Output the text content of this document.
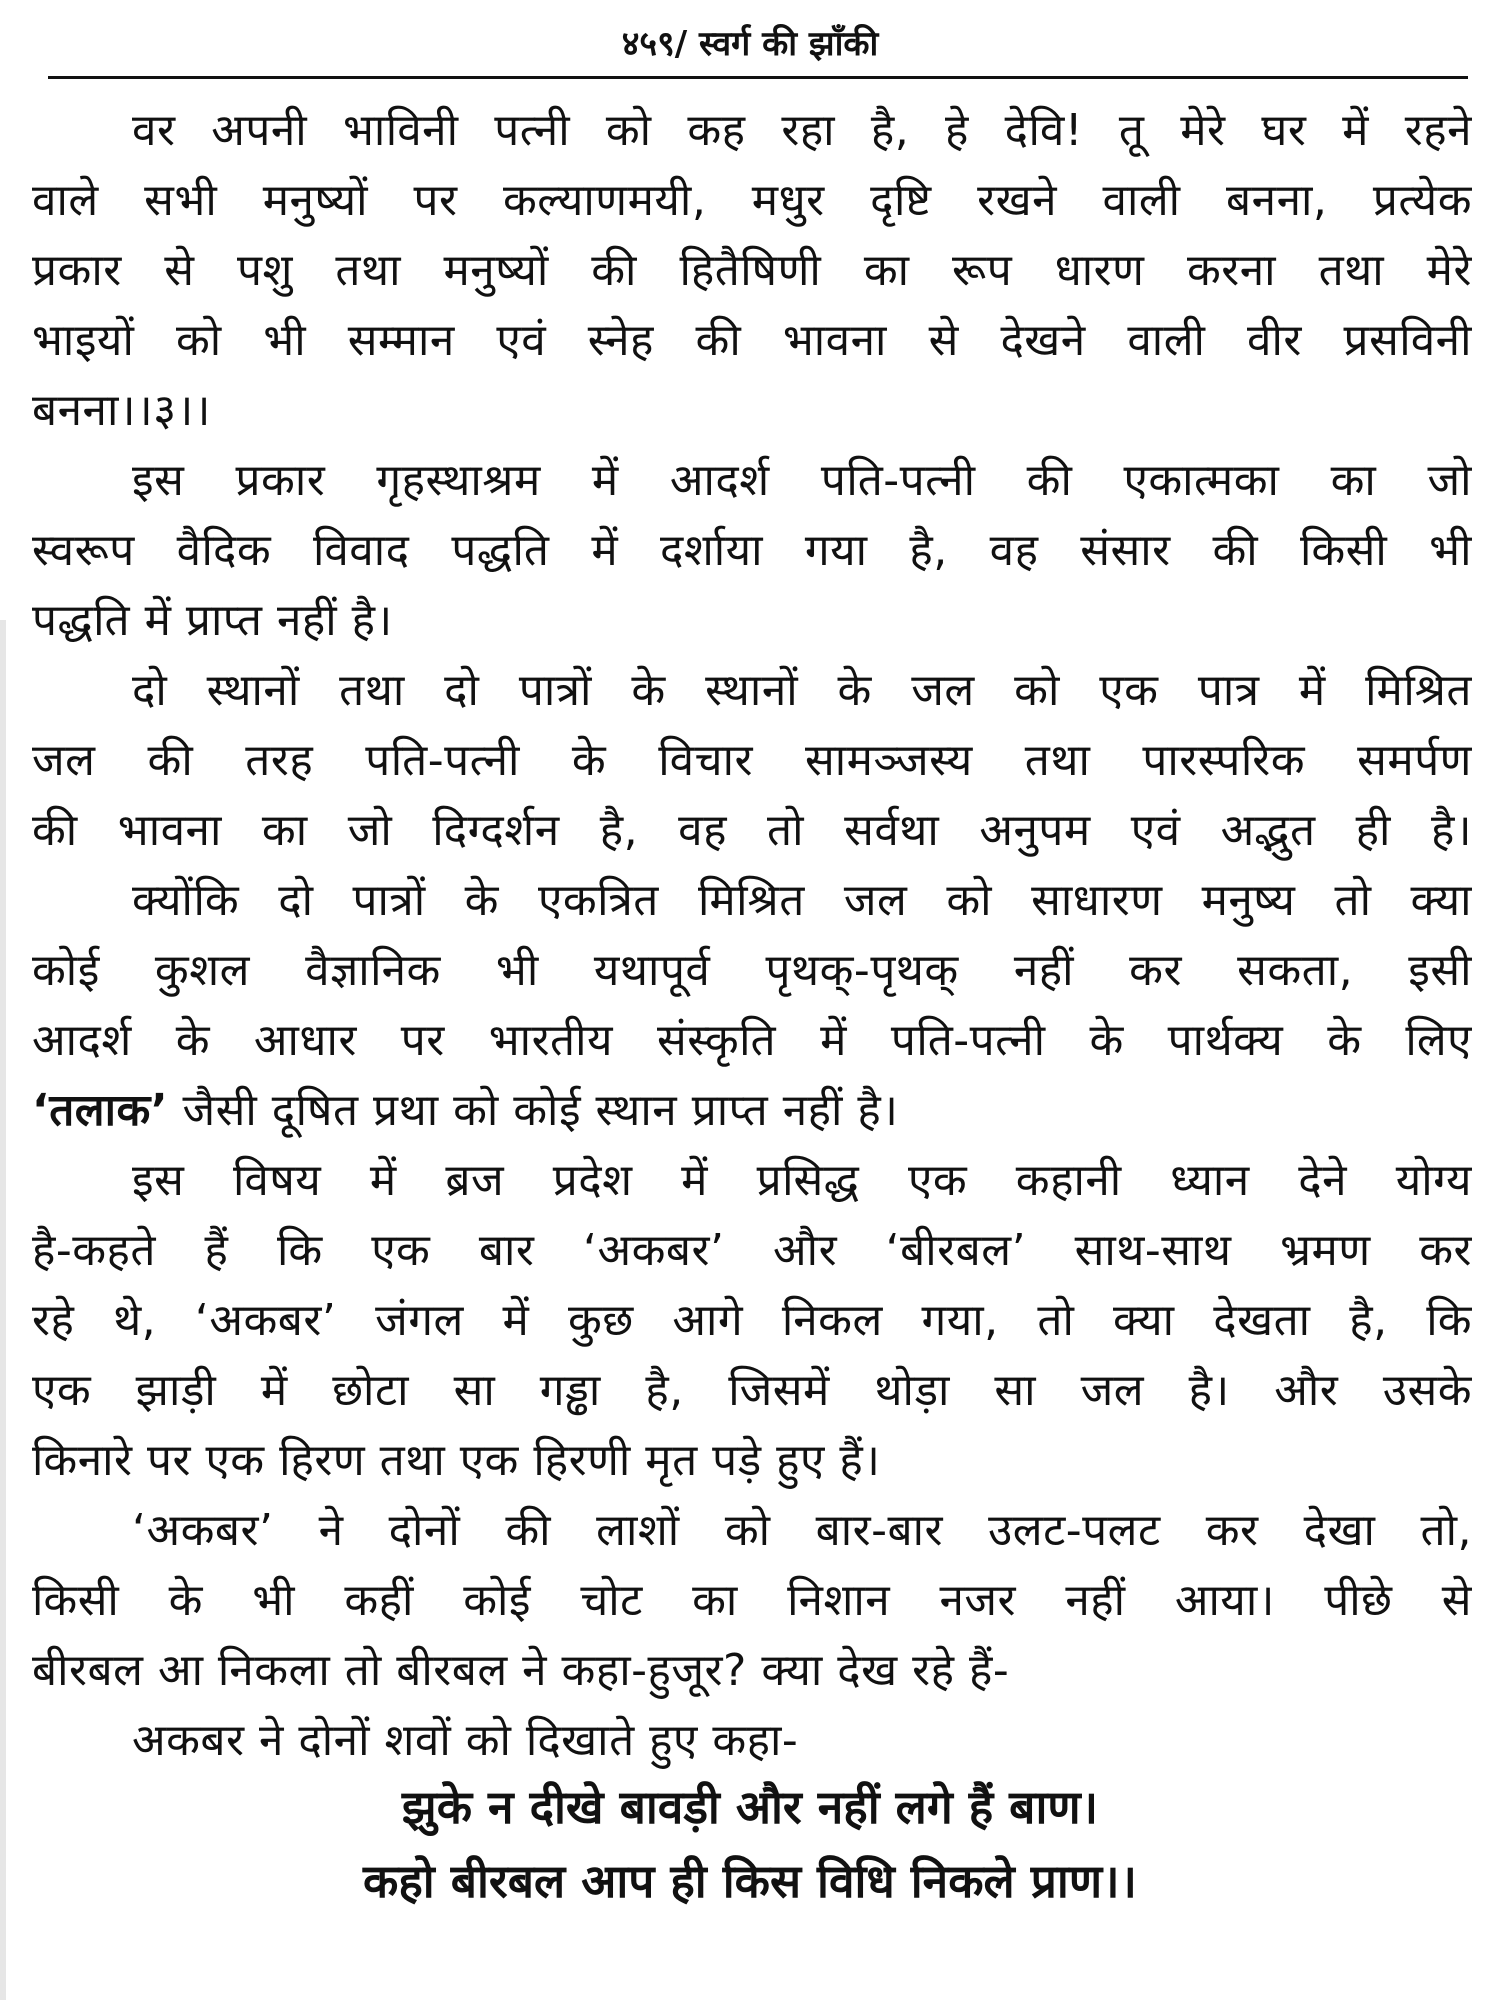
४५९/ स्वर्ग की झाँकी
वर अपनी भाविनी पत्नी को कह रहा है, हे देवि! तू मेरे घर में रहने
वाले सभी मनुष्यों पर कल्याणमयी, मधुर दृष्टि रखने वाली बनना, प्रत्येक
प्रकार से पशु तथा मनुष्यों की हितैषिणी का रूप धारण करना तथा मेरे
भाइयों को भी सम्मान एवं स्नेह की भावना से देखने वाली वीर प्रसविनी
बनना।।३।।
इस प्रकार गृहस्थाश्रम में आदर्श पति-पत्नी की एकात्मका का जो
स्वरूप वैदिक विवाद पद्धति में दर्शाया गया है, वह संसार की किसी भी
पद्धति में प्राप्त नहीं है।
दो स्थानों तथा दो पात्रों के स्थानों के जल को एक पात्र में मिश्रित
जल की तरह पति-पत्नी के विचार सामञ्जस्य तथा पारस्परिक समर्पण
की भावना का जो दिग्दर्शन है, वह तो सर्वथा अनुपम एवं अद्भुत ही है।
क्योंकि दो पात्रों के एकत्रित मिश्रित जल को साधारण मनुष्य तो क्या
कोई कुशल वैज्ञानिक भी यथापूर्व पृथक्-पृथक् नहीं कर सकता, इसी
आदर्श के आधार पर भारतीय संस्कृति में पति-पत्नी के पार्थक्य के लिए
‘तलाक’ जैसी दूषित प्रथा को कोई स्थान प्राप्त नहीं है।
इस विषय में ब्रज प्रदेश में प्रसिद्ध एक कहानी ध्यान देने योग्य
है-कहते हैं कि एक बार ‘अकबर’ और ‘बीरबल’ साथ-साथ भ्रमण कर
रहे थे, ‘अकबर’ जंगल में कुछ आगे निकल गया, तो क्या देखता है, कि
एक झाड़ी में छोटा सा गड्ढा है, जिसमें थोड़ा सा जल है। और उसके
किनारे पर एक हिरण तथा एक हिरणी मृत पड़े हुए हैं।
‘अकबर’ ने दोनों की लाशों को बार-बार उलट-पलट कर देखा तो,
किसी के भी कहीं कोई चोट का निशान नजर नहीं आया। पीछे से
बीरबल आ निकला तो बीरबल ने कहा-हुजूर? क्या देख रहे हैं-
अकबर ने दोनों शवों को दिखाते हुए कहा-
झुके न दीखे बावड़ी और नहीं लगे हैं बाण।
कहो बीरबल आप ही किस विधि निकले प्राण।।
